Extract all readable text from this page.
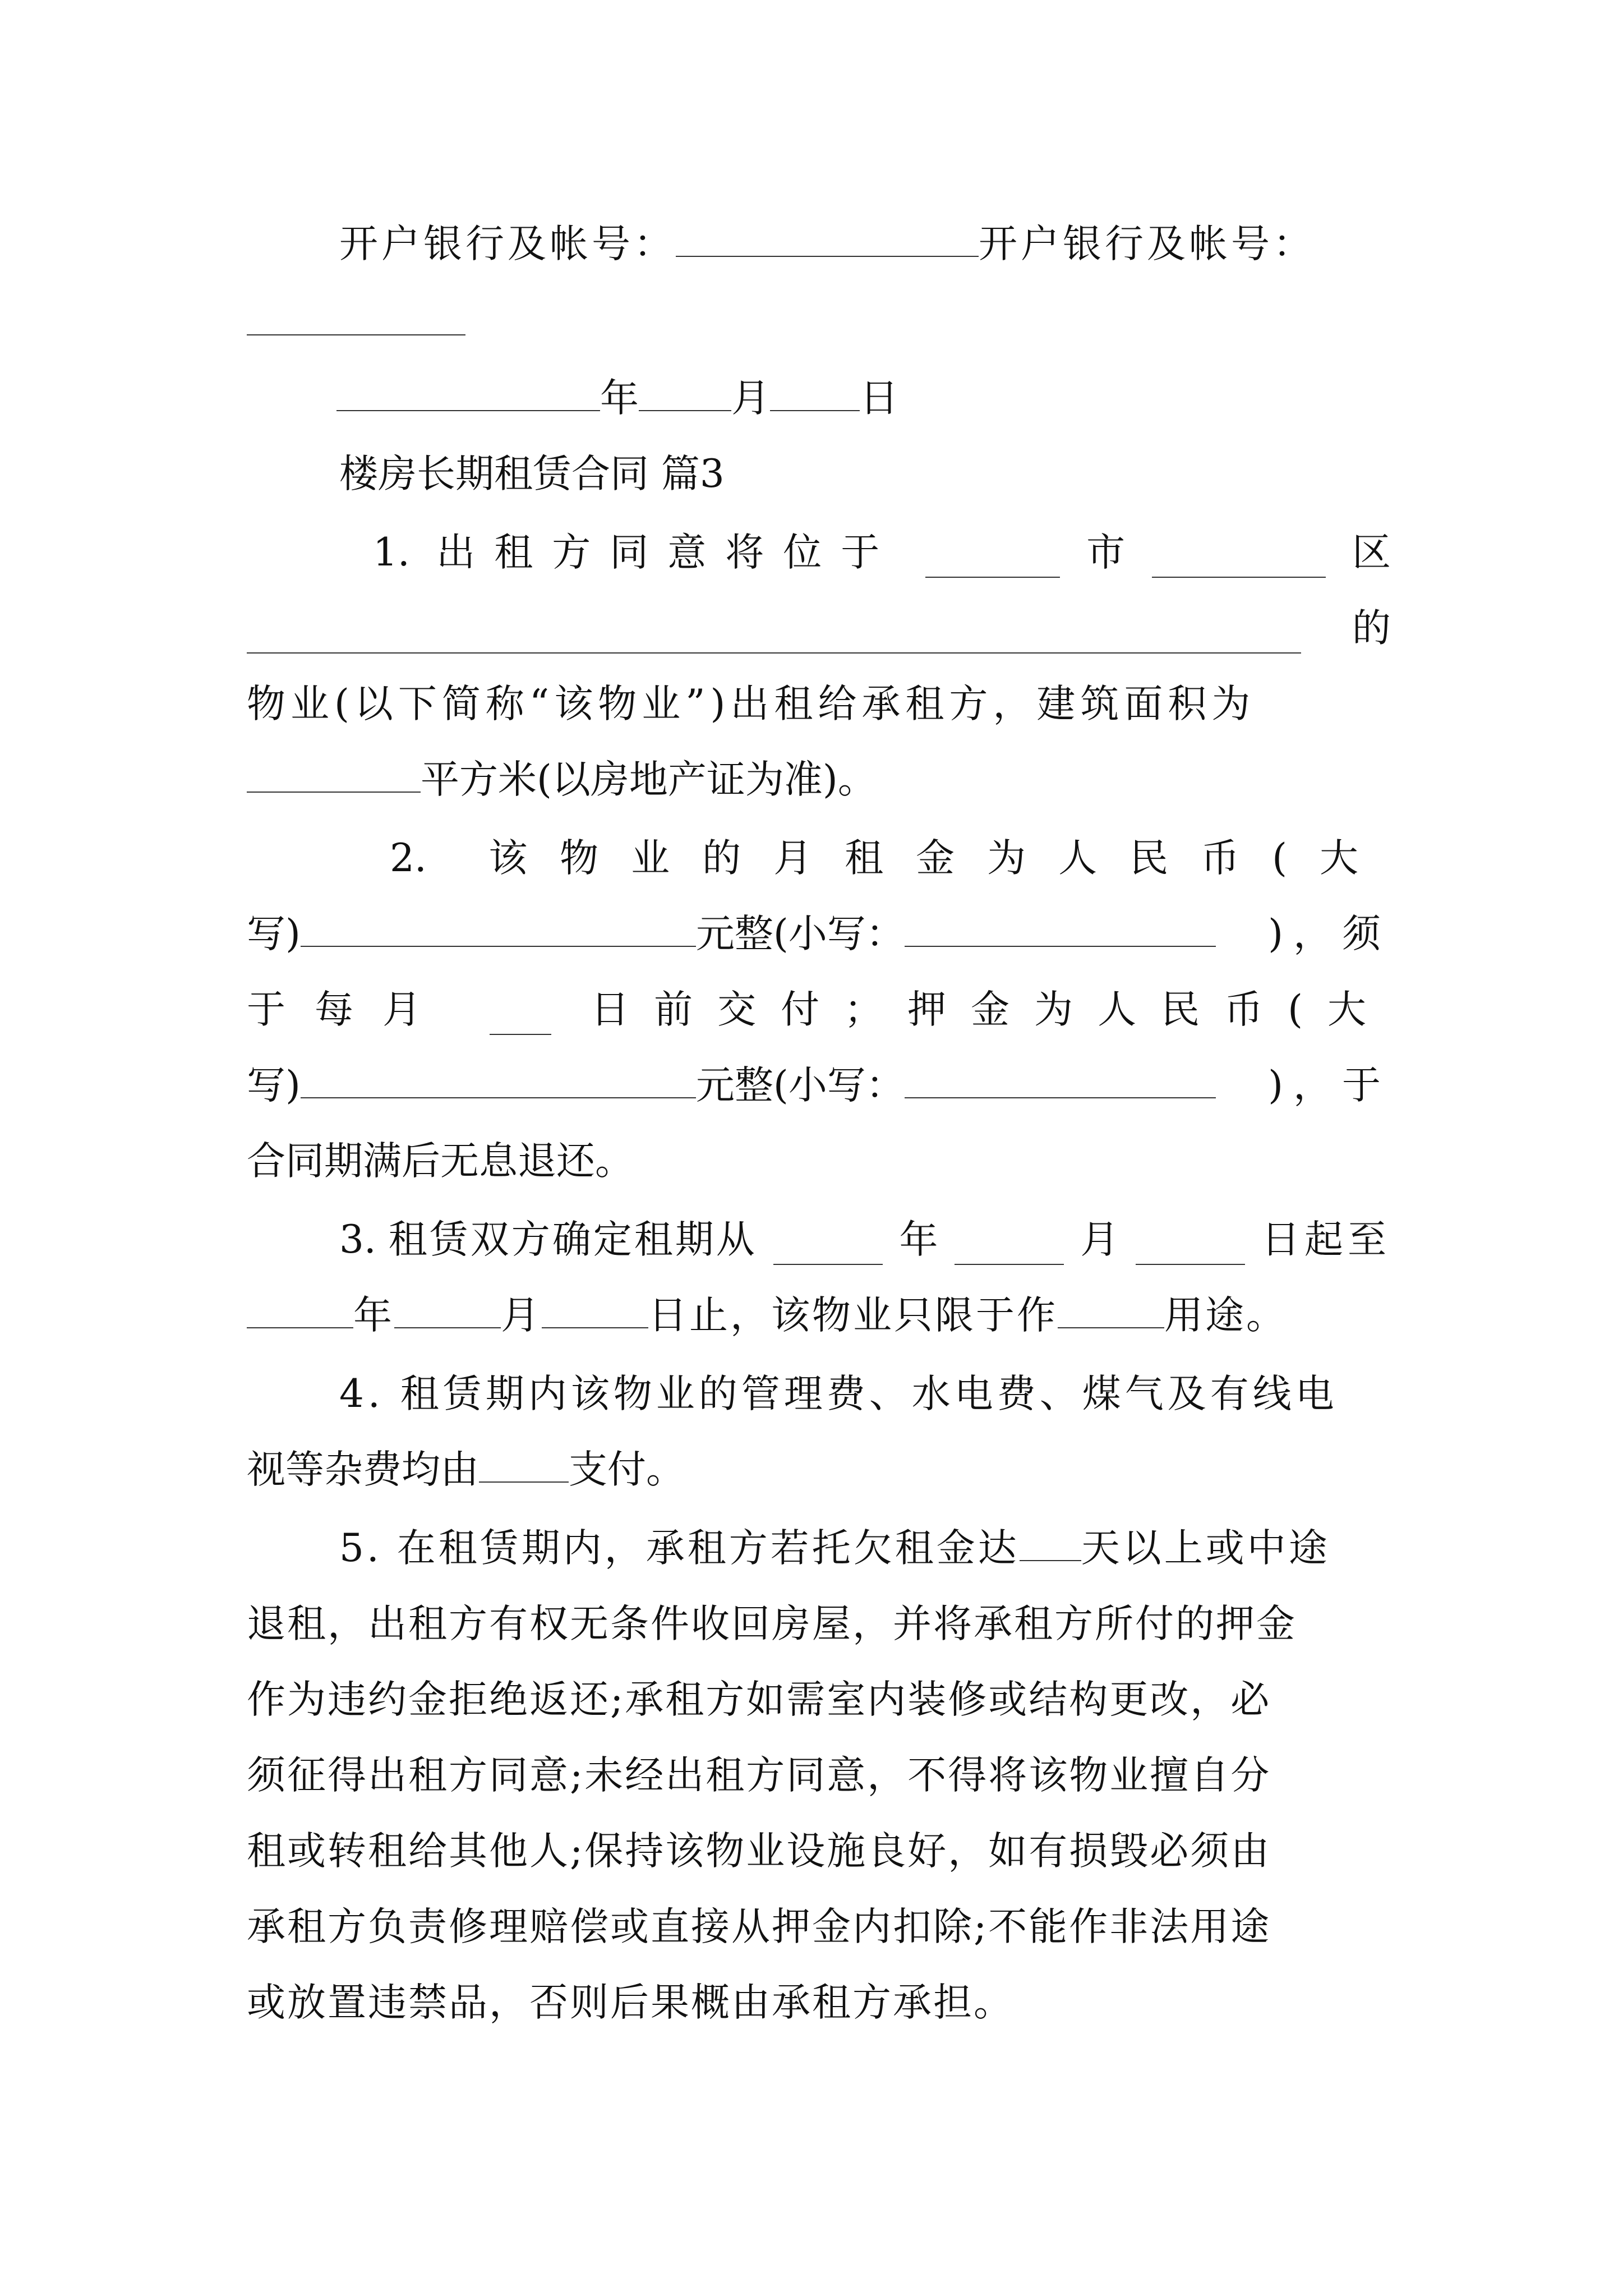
开户银行及帐号：	开户银行及帐号：
年 月 日
楼房长期租赁合同 篇3
1. 出租方同意将位于	市	区
的
物业(以下简称“该物业”)出租给承租方，建筑面积为
平方米(以房地产证为准)。
2. 该物业的月租金为人民币(大
写)	元整(小写：	)，须
于每月	日前交付；押金为人民币(大
写)	元整(小写：	)，于
合同期满后无息退还。
3. 租赁双方确定租期从	年	月	日起至
年	月	日止，该物业只限于作	用途。
4. 租赁期内该物业的管理费、水电费、煤气及有线电
视等杂费均由 支付。
5. 在租赁期内，承租方若托欠租金达 天以上或中途
退租，出租方有权无条件收回房屋，并将承租方所付的押金
作为违约金拒绝返还;承租方如需室内装修或结构更改，必
须征得出租方同意;未经出租方同意，不得将该物业擅自分
租或转租给其他人;保持该物业设施良好，如有损毁必须由
承租方负责修理赔偿或直接从押金内扣除;不能作非法用途
或放置违禁品，否则后果概由承租方承担。
